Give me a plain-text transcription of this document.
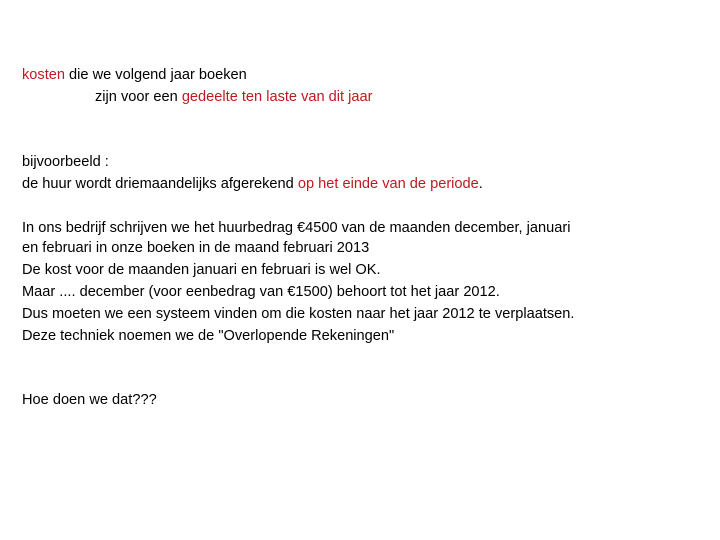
kosten die we volgend jaar boeken
zijn voor een gedeelte ten laste van dit jaar
bijvoorbeeld :
de huur wordt driemaandelijks afgerekend op het einde van de periode.
In ons bedrijf schrijven we het huurbedrag €4500 van de maanden december, januari
en februari in onze boeken in de maand februari 2013
De kost voor de maanden januari en februari is wel OK.
Maar .... december (voor eenbedrag van €1500) behoort tot het jaar 2012.
Dus moeten we een systeem vinden om die kosten naar het jaar 2012 te verplaatsen.
Deze techniek noemen we de "Overlopende Rekeningen"
Hoe doen we dat???
